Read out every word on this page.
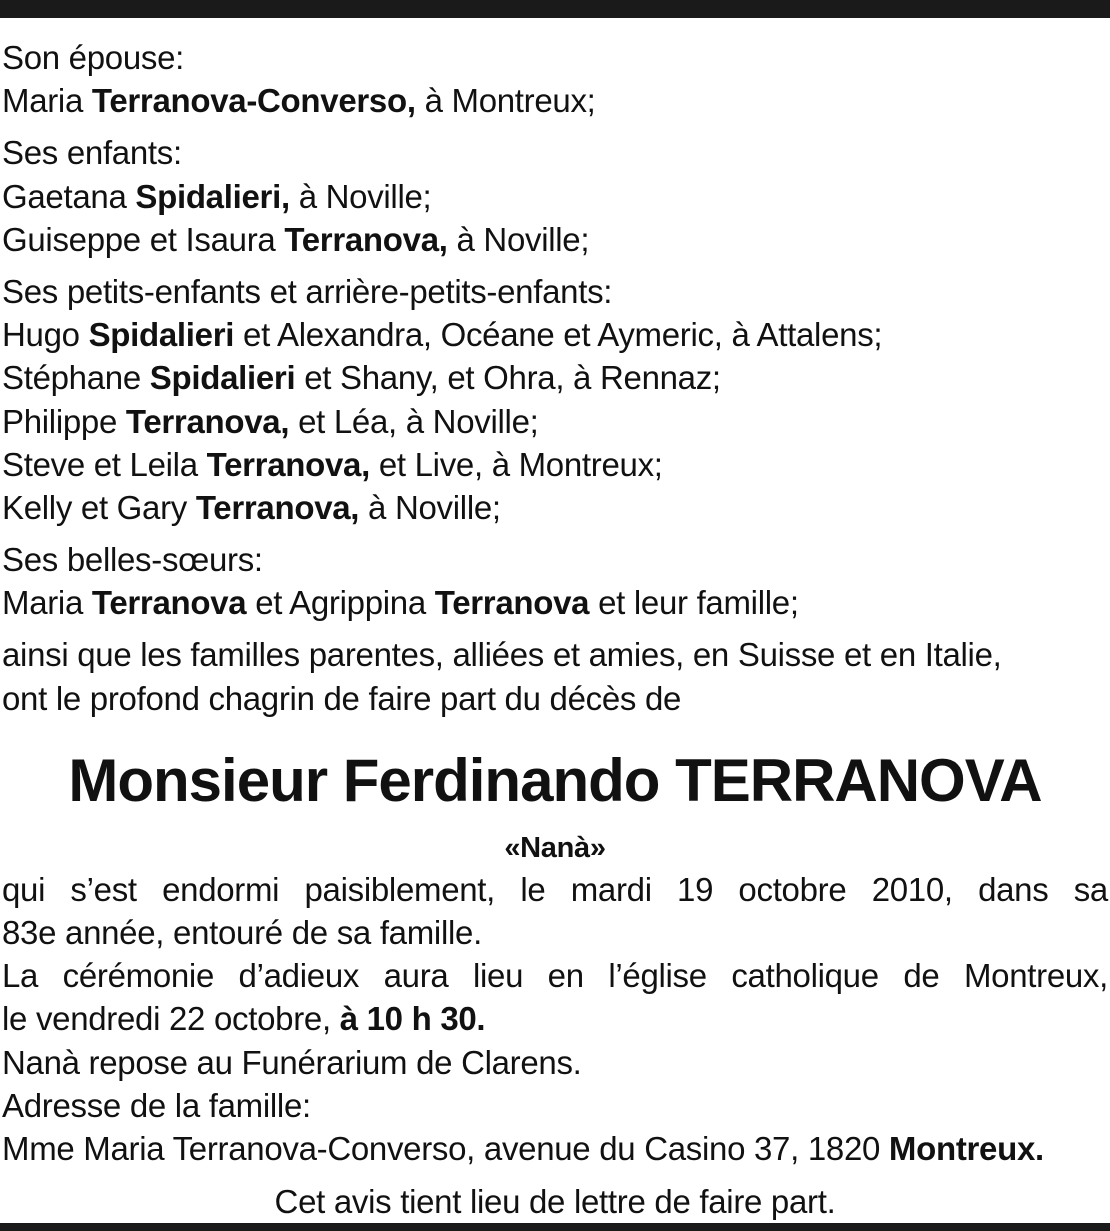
Son épouse:
Maria Terranova-Converso, à Montreux;
Ses enfants:
Gaetana Spidalieri, à Noville;
Guiseppe et Isaura Terranova, à Noville;
Ses petits-enfants et arrière-petits-enfants:
Hugo Spidalieri et Alexandra, Océane et Aymeric, à Attalens;
Stéphane Spidalieri et Shany, et Ohra, à Rennaz;
Philippe Terranova, et Léa, à Noville;
Steve et Leila Terranova, et Live, à Montreux;
Kelly et Gary Terranova, à Noville;
Ses belles-sœurs:
Maria Terranova et Agrippina Terranova et leur famille;
ainsi que les familles parentes, alliées et amies, en Suisse et en Italie,
ont le profond chagrin de faire part du décès de
Monsieur Ferdinando TERRANOVA
«Nanà»
qui s’est endormi paisiblement, le mardi 19 octobre 2010, dans sa
83e année, entouré de sa famille.
La cérémonie d’adieux aura lieu en l’église catholique de Montreux,
le vendredi 22 octobre, à 10 h 30.
Nanà repose au Funérarium de Clarens.
Adresse de la famille:
Mme Maria Terranova-Converso, avenue du Casino 37, 1820 Montreux.
Cet avis tient lieu de lettre de faire part.
